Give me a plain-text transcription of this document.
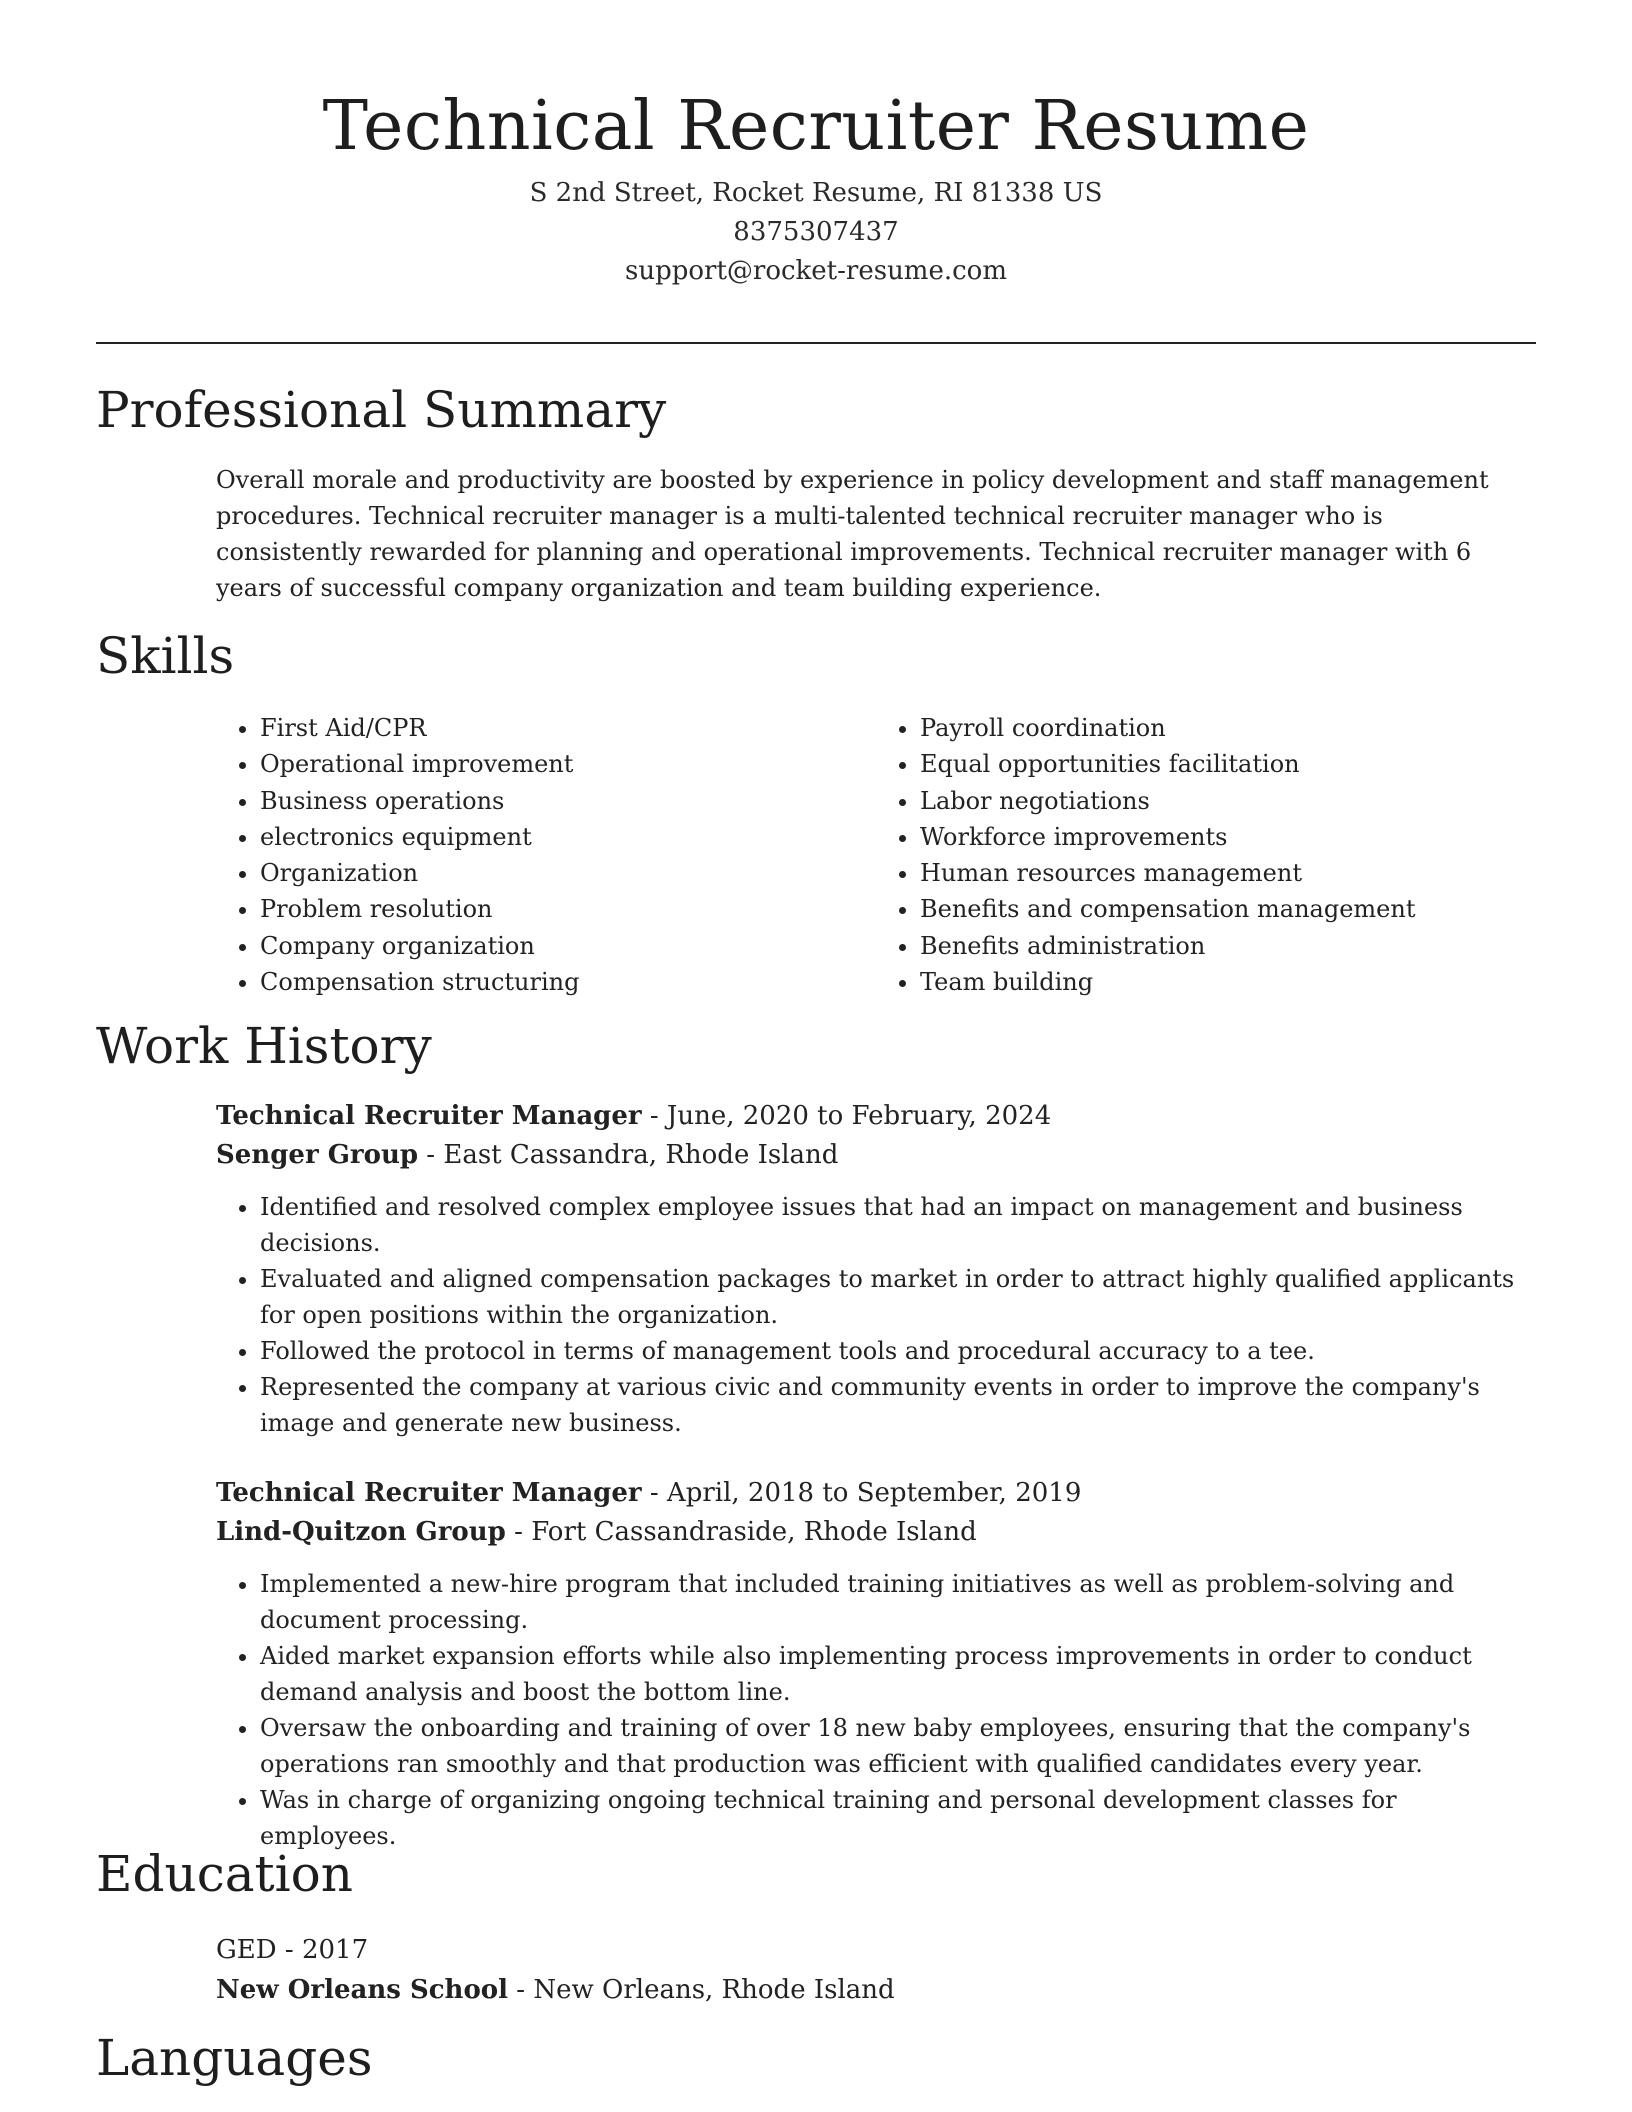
Technical Recruiter Resume
S 2nd Street, Rocket Resume, RI 81338 US
8375307437
support@rocket-resume.com
Professional Summary

Overall morale and productivity are boosted by experience in policy development and staff management procedures. Technical recruiter manager is a multi-talented technical recruiter manager who is consistently rewarded for planning and operational improvements. Technical recruiter manager with 6 years of successful company organization and team building experience.

Skills
• First Aid/CPR
• Operational improvement
• Business operations
• electronics equipment
• Organization
• Problem resolution
• Company organization
• Compensation structuring
• Payroll coordination
• Equal opportunities facilitation
• Labor negotiations
• Workforce improvements
• Human resources management
• Benefits and compensation management
• Benefits administration
• Team building
Work History
Technical Recruiter Manager - June, 2020 to February, 2024
Senger Group - East Cassandra, Rhode Island
• Identified and resolved complex employee issues that had an impact on management and business decisions.
• Evaluated and aligned compensation packages to market in order to attract highly qualified applicants for open positions within the organization.
• Followed the protocol in terms of management tools and procedural accuracy to a tee.
• Represented the company at various civic and community events in order to improve the company's image and generate new business.
Technical Recruiter Manager - April, 2018 to September, 2019
Lind-Quitzon Group - Fort Cassandraside, Rhode Island
• Implemented a new-hire program that included training initiatives as well as problem-solving and document processing.
• Aided market expansion efforts while also implementing process improvements in order to conduct demand analysis and boost the bottom line.
• Oversaw the onboarding and training of over 18 new baby employees, ensuring that the company's operations ran smoothly and that production was efficient with qualified candidates every year.
• Was in charge of organizing ongoing technical training and personal development classes for employees.
Education
GED - 2017
New Orleans School - New Orleans, Rhode Island
Languages
